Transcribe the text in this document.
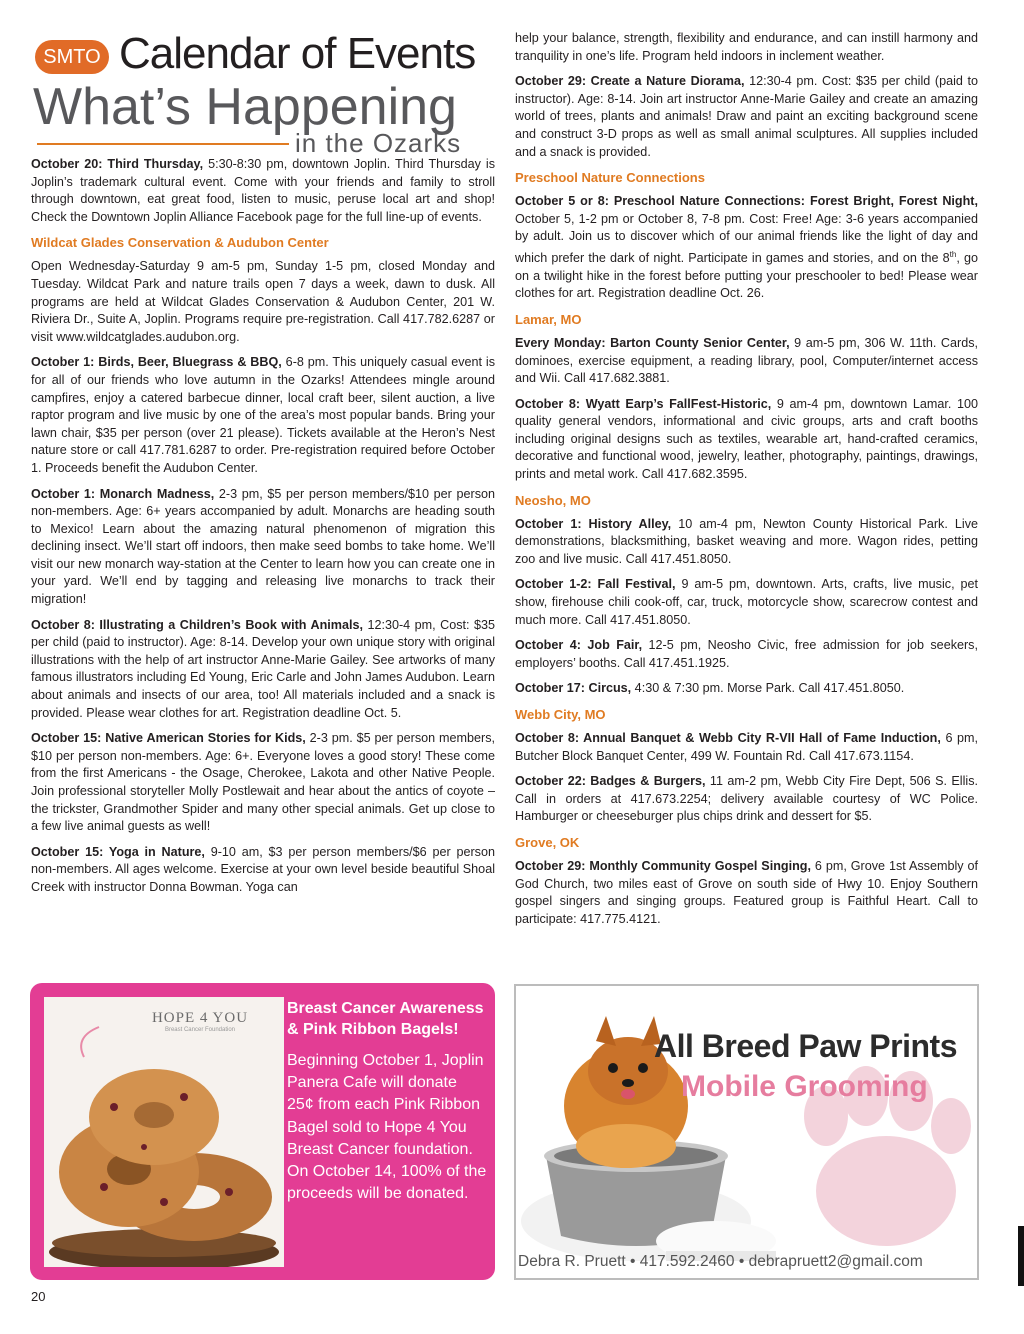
SMTO Calendar of Events
What’s Happening
in the Ozarks

October 20: Third Thursday, 5:30-8:30 pm, downtown Joplin. Third Thursday is Joplin’s trademark cultural event. Come with your friends and family to stroll through downtown, eat great food, listen to music, peruse local art and shop! Check the Downtown Joplin Alliance Facebook page for the full line-up of events.

Wildcat Glades Conservation & Audubon Center

Open Wednesday-Saturday 9 am-5 pm, Sunday 1-5 pm, closed Monday and Tuesday. Wildcat Park and nature trails open 7 days a week, dawn to dusk. All programs are held at Wildcat Glades Conservation & Audubon Center, 201 W. Riviera Dr., Suite A, Joplin. Programs require pre-registration. Call 417.782.6287 or visit www.wildcatglades.audubon.org.

October 1: Birds, Beer, Bluegrass & BBQ, 6-8 pm. This uniquely casual event is for all of our friends who love autumn in the Ozarks! Attendees mingle around campfires, enjoy a catered barbecue dinner, local craft beer, silent auction, a live raptor program and live music by one of the area’s most popular bands. Bring your lawn chair, $35 per person (over 21 please). Tickets available at the Heron’s Nest nature store or call 417.781.6287 to order. Pre-registration required before October 1. Proceeds benefit the Audubon Center.

October 1: Monarch Madness, 2-3 pm, $5 per person members/$10 per person non-members. Age: 6+ years accompanied by adult. Monarchs are heading south to Mexico! Learn about the amazing natural phenomenon of migration this declining insect. We’ll start off indoors, then make seed bombs to take home. We’ll visit our new monarch way-station at the Center to learn how you can create one in your yard. We’ll end by tagging and releasing live monarchs to track their migration!

October 8: Illustrating a Children’s Book with Animals, 12:30-4 pm, Cost: $35 per child (paid to instructor). Age: 8-14. Develop your own unique story with original illustrations with the help of art instructor Anne-Marie Gailey. See artworks of many famous illustrators including Ed Young, Eric Carle and John James Audubon. Learn about animals and insects of our area, too! All materials included and a snack is provided. Please wear clothes for art. Registration deadline Oct. 5.

October 15: Native American Stories for Kids, 2-3 pm. $5 per person members, $10 per person non-members. Age: 6+. Everyone loves a good story! These come from the first Americans - the Osage, Cherokee, Lakota and other Native People. Join professional storyteller Molly Postlewait and hear about the antics of coyote – the trickster, Grandmother Spider and many other special animals. Get up close to a few live animal guests as well!

October 15: Yoga in Nature, 9-10 am, $3 per person members/$6 per person non-members. All ages welcome. Exercise at your own level beside beautiful Shoal Creek with instructor Donna Bowman. Yoga can

help your balance, strength, flexibility and endurance, and can instill harmony and tranquility in one’s life. Program held indoors in inclement weather.

October 29: Create a Nature Diorama, 12:30-4 pm. Cost: $35 per child (paid to instructor). Age: 8-14. Join art instructor Anne-Marie Gailey and create an amazing world of trees, plants and animals! Draw and paint an exciting background scene and construct 3-D props as well as small animal sculptures. All supplies included and a snack is provided.

Preschool Nature Connections

October 5 or 8: Preschool Nature Connections: Forest Bright, Forest Night, October 5, 1-2 pm or October 8, 7-8 pm. Cost: Free! Age: 3-6 years accompanied by adult. Join us to discover which of our animal friends like the light of day and which prefer the dark of night. Participate in games and stories, and on the 8th, go on a twilight hike in the forest before putting your preschooler to bed! Please wear clothes for art. Registration deadline Oct. 26.

Lamar, MO

Every Monday: Barton County Senior Center, 9 am-5 pm, 306 W. 11th. Cards, dominoes, exercise equipment, a reading library, pool, Computer/internet access and Wii. Call 417.682.3881.

October 8: Wyatt Earp’s FallFest-Historic, 9 am-4 pm, downtown Lamar. 100 quality general vendors, informational and civic groups, arts and craft booths including original designs such as textiles, wearable art, hand-crafted ceramics, decorative and functional wood, jewelry, leather, photography, paintings, drawings, prints and metal work. Call 417.682.3595.

Neosho, MO

October 1: History Alley, 10 am-4 pm, Newton County Historical Park. Live demonstrations, blacksmithing, basket weaving and more. Wagon rides, petting zoo and live music. Call 417.451.8050.

October 1-2: Fall Festival, 9 am-5 pm, downtown. Arts, crafts, live music, pet show, firehouse chili cook-off, car, truck, motorcycle show, scarecrow contest and much more. Call 417.451.8050.

October 4: Job Fair, 12-5 pm, Neosho Civic, free admission for job seekers, employers’ booths. Call 417.451.1925.

October 17: Circus, 4:30 & 7:30 pm. Morse Park. Call 417.451.8050.

Webb City, MO

October 8: Annual Banquet & Webb City R-VII Hall of Fame Induction, 6 pm, Butcher Block Banquet Center, 499 W. Fountain Rd. Call 417.673.1154.

October 22: Badges & Burgers, 11 am-2 pm, Webb City Fire Dept, 506 S. Ellis. Call in orders at 417.673.2254; delivery available courtesy of WC Police. Hamburger or cheeseburger plus chips drink and dessert for $5.

Grove, OK

October 29: Monthly Community Gospel Singing, 6 pm, Grove 1st Assembly of God Church, two miles east of Grove on south side of Hwy 10. Enjoy Southern gospel singers and singing groups. Featured group is Faithful Heart. Call to participate: 417.775.4121.

HOPE 4 YOU
Breast Cancer Foundation
Breast Cancer Awareness & Pink Ribbon Bagels!
Beginning October 1, Joplin Panera Cafe will donate 25¢ from each Pink Ribbon Bagel sold to Hope 4 You Breast Cancer foundation. On October 14, 100% of the proceeds will be donated.
All Breed Paw Prints
Mobile Grooming
Debra R. Pruett • 417.592.2460 • debrapruett2@gmail.com
20
